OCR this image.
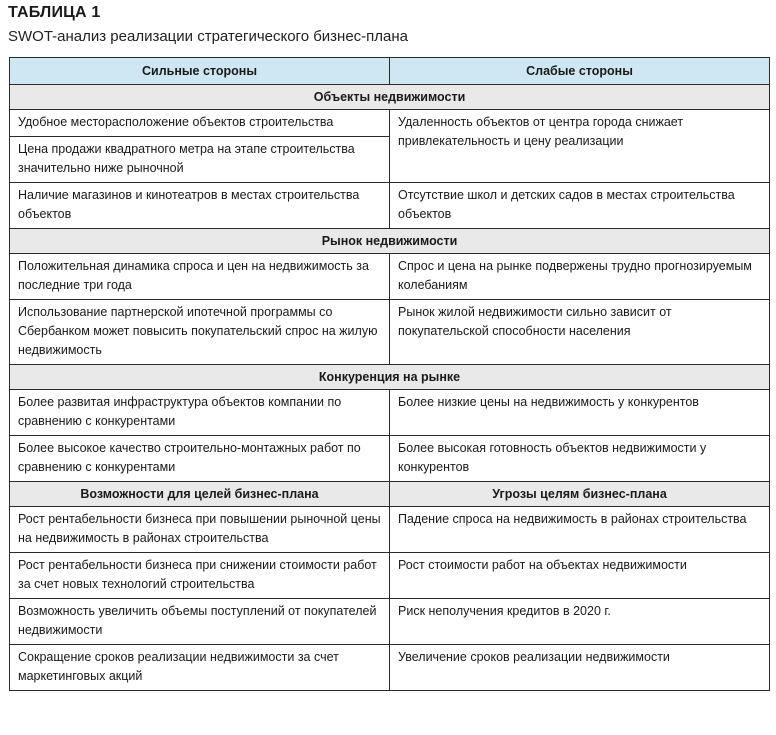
ТАБЛИЦА 1
SWOT-анализ реализации стратегического бизнес-плана
Сильные стороны	Слабые стороны
Объекты недвижимости	

Удобное месторасположение объектов строительства	Удаленность объектов от центра города снижает привлекательность и цену реализации

Цена продажи квадратного метра на этапе строительства значительно ниже рыночной	

Наличие магазинов и кинотеатров в местах строительства объектов	Отсутствие школ и детских садов в местах строительства объектов

Рынок недвижимости	

Положительная динамика спроса и цен на недвижимость за последние три года	Спрос и цена на рынке подвержены трудно прогнозируемым колебаниям

Использование партнерской ипотечной программы со Сбербанком может повысить покупательский спрос на жилую недвижимость	Рынок жилой недвижимости сильно зависит от покупательской способности населения

Конкуренция на рынке	

Более развитая инфраструктура объектов компании по сравнению с конкурентами	Более низкие цены на недвижимость у конкурентов

Более высокое качество строительно-монтажных работ по сравнению с конкурентами	Более высокая готовность объектов недвижимости у конкурентов

Возможности для целей бизнес-плана	Угрозы целям бизнес-плана

Рост рентабельности бизнеса при повышении рыночной цены на недвижимость в районах строительства	Падение спроса на недвижимость в районах строительства

Рост рентабельности бизнеса при снижении стоимости работ за счет новых технологий строительства	Рост стоимости работ на объектах недвижимости

Возможность увеличить объемы поступлений от покупателей недвижимости	Риск неполучения кредитов в 2020 г.

Сокращение сроков реализации недвижимости за счет маркетинговых акций	Увеличение сроков реализации недвижимости
